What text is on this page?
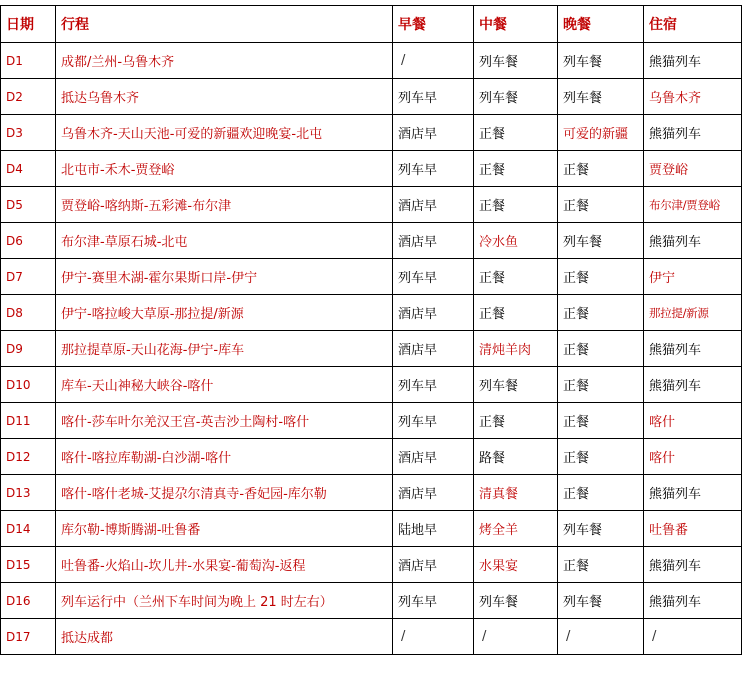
日期	行程	早餐	中餐	晚餐	住宿
D1	成都/兰州-乌鲁木齐	/	列车餐	列车餐	熊猫列车
D2	抵达乌鲁木齐	列车早	列车餐	列车餐	乌鲁木齐
D3	乌鲁木齐-天山天池-可爱的新疆欢迎晚宴-北屯	酒店早	正餐	可爱的新疆	熊猫列车
D4	北屯市-禾木-贾登峪	列车早	正餐	正餐	贾登峪
D5	贾登峪-喀纳斯-五彩滩-布尔津	酒店早	正餐	正餐	布尔津/贾登峪
D6	布尔津-草原石城-北屯	酒店早	冷水鱼	列车餐	熊猫列车
D7	伊宁-赛里木湖-霍尔果斯口岸-伊宁	列车早	正餐	正餐	伊宁
D8	伊宁-喀拉峻大草原-那拉提/新源	酒店早	正餐	正餐	那拉提/新源
D9	那拉提草原-天山花海-伊宁-库车	酒店早	清炖羊肉	正餐	熊猫列车
D10	库车-天山神秘大峡谷-喀什	列车早	列车餐	正餐	熊猫列车
D11	喀什-莎车叶尔羌汉王宫-英吉沙土陶村-喀什	列车早	正餐	正餐	喀什
D12	喀什-喀拉库勒湖-白沙湖-喀什	酒店早	路餐	正餐	喀什
D13	喀什-喀什老城-艾提尕尔清真寺-香妃园-库尔勒	酒店早	清真餐	正餐	熊猫列车
D14	库尔勒-博斯腾湖-吐鲁番	陆地早	烤全羊	列车餐	吐鲁番
D15	吐鲁番-火焰山-坎儿井-水果宴-葡萄沟-返程	酒店早	水果宴	正餐	熊猫列车
D16	列车运行中（兰州下车时间为晚上 21 时左右）	列车早	列车餐	列车餐	熊猫列车
D17	抵达成都	/	/	/	/
